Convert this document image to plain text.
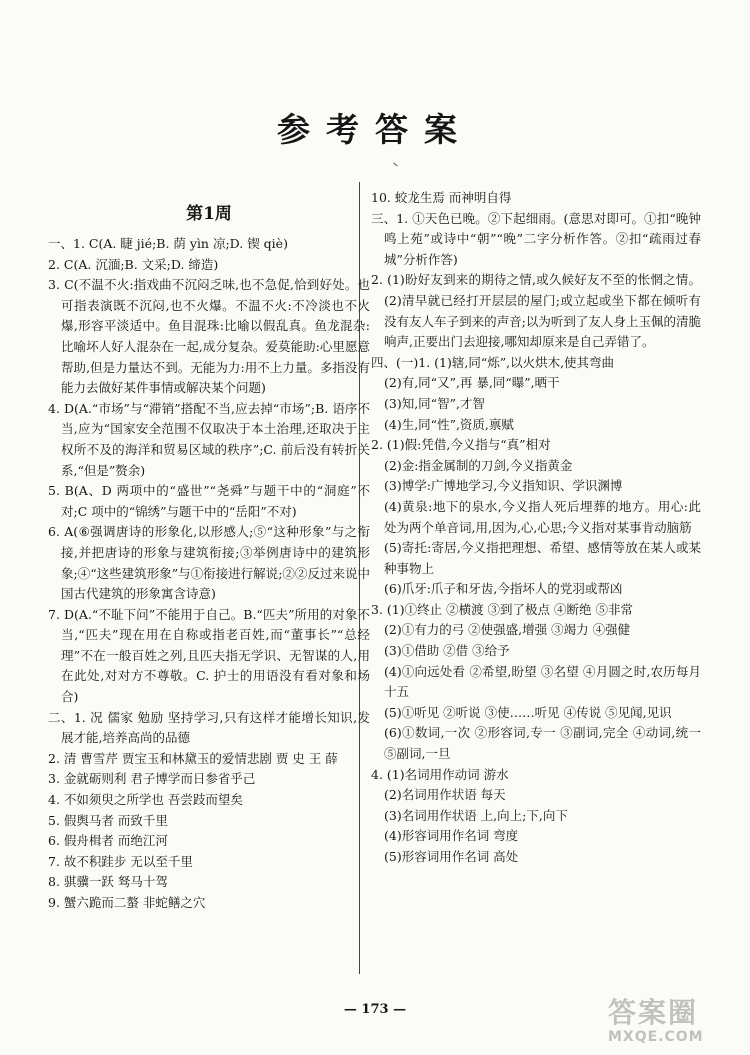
参考答案
第1周

一、1. C(A. 睫 jié;B. 荫 yìn 凉;D. 锲 qiè)

2. C(A. 沉湎;B. 文采;D. 缔造)

3. C(不温不火:指戏曲不沉闷乏味,也不急促,恰到好处。也可指表演既不沉闷,也不火爆。不温不火:不冷淡也不火爆,形容平淡适中。鱼目混珠:比喻以假乱真。鱼龙混杂:比喻坏人好人混杂在一起,成分复杂。爱莫能助:心里愿意帮助,但是力量达不到。无能为力:用不上力量。多指没有能力去做好某件事情或解决某个问题)

4. D(A.“市场”与“滞销”搭配不当,应去掉“市场”;B. 语序不当,应为“国家安全范围不仅取决于本土治理,还取决于主权所不及的海洋和贸易区域的秩序”;C. 前后没有转折关系,“但是”赘余)

5. B(A、D 两项中的“盛世”“尧舜”与题干中的“洞庭”不对;C 项中的“锦绣”与题干中的“岳阳”不对)

6. A(⑥强调唐诗的形象化,以形感人;⑤“这种形象”与之衔接,并把唐诗的形象与建筑衔接;③举例唐诗中的建筑形象;④“这些建筑形象”与①衔接进行解说;②②反过来说中国古代建筑的形象寓含诗意)

7. D(A.“不耻下问”不能用于自己。B.“匹夫”所用的对象不当,“匹夫”现在用在自称或指老百姓,而“董事长”“总经理”不在一般百姓之列,且匹夫指无学识、无智谋的人,用在此处,对对方不尊敬。C. 护士的用语没有看对象和场合)

二、1. 况 儒家 勉励 坚持学习,只有这样才能增长知识,发展才能,培养高尚的品德

2. 清 曹雪芹 贾宝玉和林黛玉的爱情悲剧 贾 史 王 薛

3. 金就砺则利 君子博学而日参省乎己

4. 不如须臾之所学也 吾尝跂而望矣

5. 假舆马者 而致千里

6. 假舟楫者 而绝江河

7. 故不积跬步 无以至千里

8. 骐骥一跃 驽马十驾

9. 蟹六跪而二螯 非蛇鳝之穴

10. 蛟龙生焉 而神明自得

三、1. ①天色已晚。②下起细雨。(意思对即可。①扣“晚钟鸣上苑”或诗中“朝”“晚”二字分析作答。②扣“疏雨过春城”分析作答)

2. (1)盼好友到来的期待之情,或久候好友不至的怅惘之情。(2)清早就已经打开层层的屋门;或立起或坐下都在倾听有没有友人车子到来的声音;以为听到了友人身上玉佩的清脆响声,正要出门去迎接,哪知却原来是自己弄错了。

四、(一)1. (1)辖,同“烁”,以火烘木,使其弯曲

(2)有,同“又”,再 暴,同“曝”,晒干

(3)知,同“智”,才智

(4)生,同“性”,资质,禀赋

2. (1)假:凭借,今义指与“真”相对

(2)金:指金属制的刀剑,今义指黄金

(3)博学:广博地学习,今义指知识、学识渊博

(4)黄泉:地下的泉水,今义指人死后埋葬的地方。用心:此处为两个单音词,用,因为,心,心思;今义指对某事肯动脑筋

(5)寄托:寄居,今义指把理想、希望、感情等放在某人或某种事物上

(6)爪牙:爪子和牙齿,今指坏人的党羽或帮凶

3. (1)①终止 ②横渡 ③到了极点 ④断绝 ⑤非常

(2)①有力的弓 ②使强盛,增强 ③竭力 ④强健

(3)①借助 ②借 ③给予

(4)①向远处看 ②希望,盼望 ③名望 ④月圆之时,农历每月十五

(5)①听见 ②听说 ③使……听见 ④传说 ⑤见闻,见识

(6)①数词,一次 ②形容词,专一 ③副词,完全 ④动词,统一 ⑤副词,一旦

4. (1)名词用作动词 游水

(2)名词用作状语 每天

(3)名词用作状语 上,向上;下,向下

(4)形容词用作名词 弯度

(5)形容词用作名词 高处

— 173 —	答案圈
MXQE.COM
